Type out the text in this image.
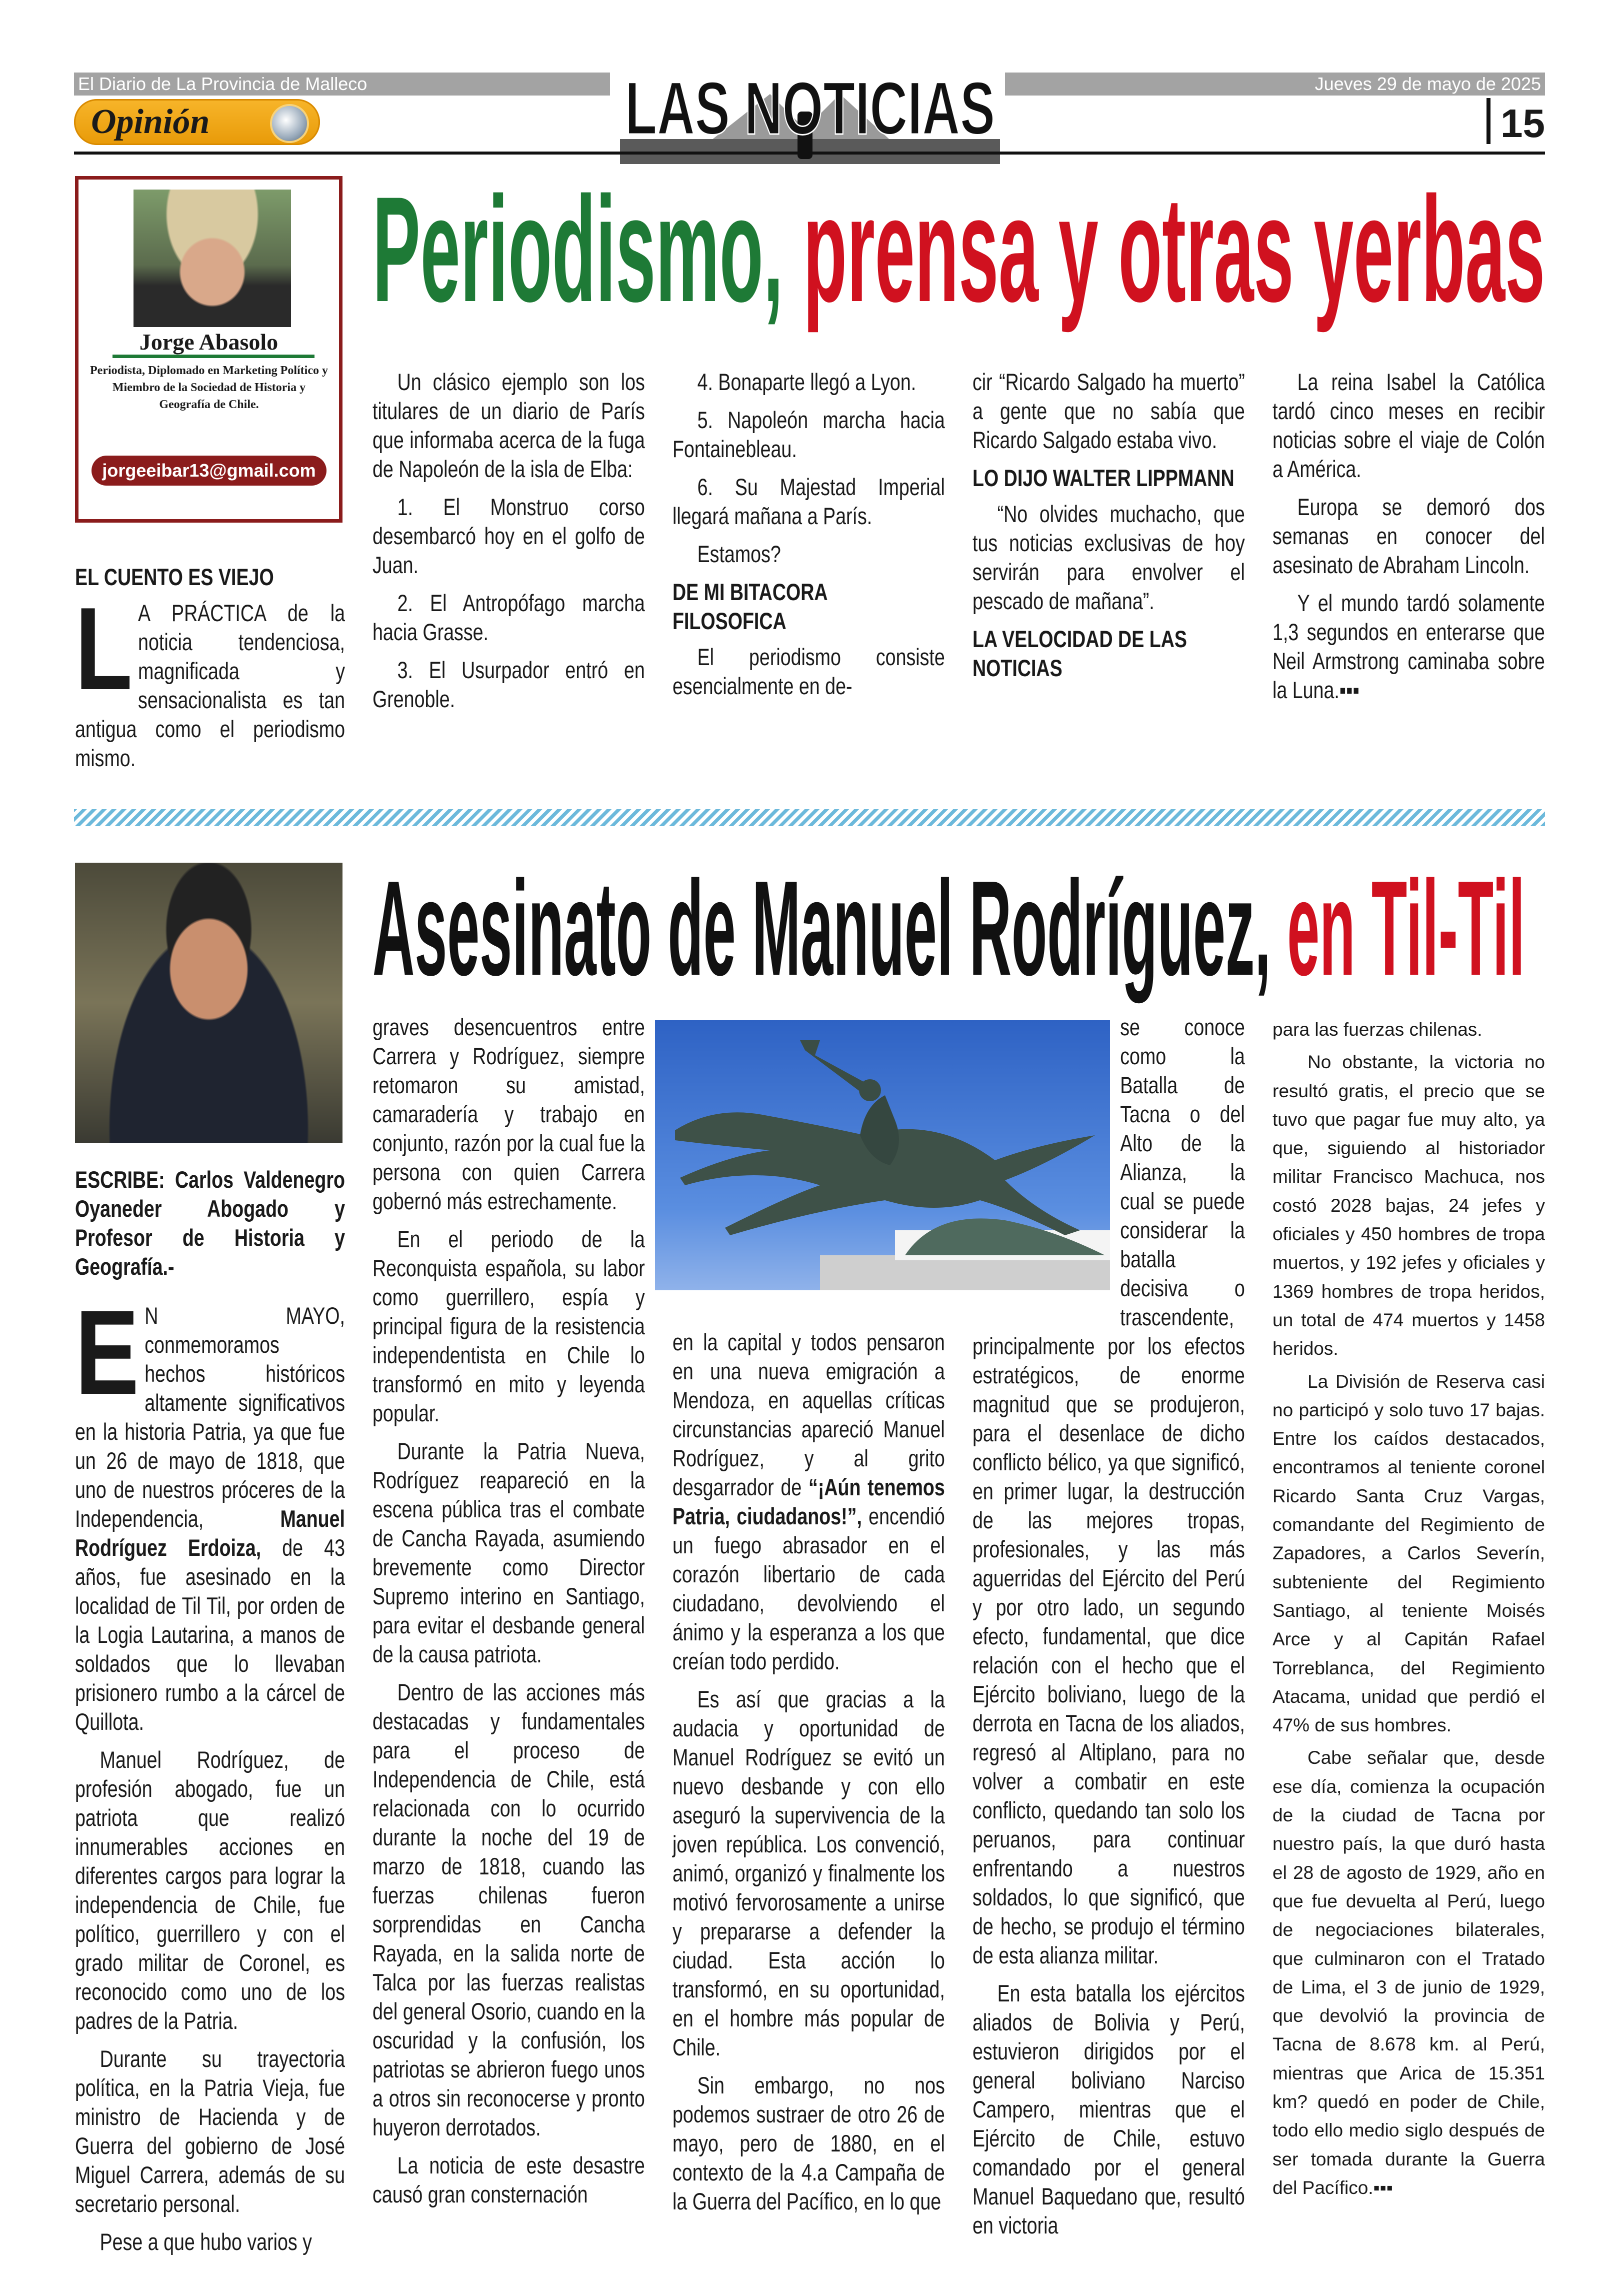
El Diario de La Provincia de Malleco	Jueves 29 de mayo de 2025
Opinión	LAS NOTICIAS	15
Jorge Abasolo
Periodista, Diplomado en Marketing Político y Miembro de la Sociedad de Historia y Geografía de Chile.
jorgeeibar13@gmail.com
Periodismo, prensa y otras yerbas
EL CUENTO ES VIEJO
L A PRÁCTICA de la noticia tendenciosa, magnificada y sensacionalista es tan antigua como el periodismo mismo.

Un clásico ejemplo son los titulares de un diario de París que informaba acerca de la fuga de Napoleón de la isla de Elba:

1. El Monstruo corso desembarcó hoy en el golfo de Juan.

2. El Antropófago marcha hacia Grasse.

3. El Usurpador entró en Grenoble.

4. Bonaparte llegó a Lyon.

5. Napoleón marcha hacia Fontainebleau.

6. Su Majestad Imperial llegará mañana a París.

Estamos?

DE MI BITACORA FILOSOFICA

El periodismo consiste esencialmente en de-

cir “Ricardo Salgado ha muerto” a gente que no sabía que Ricardo Salgado estaba vivo.

LO DIJO WALTER LIPPMANN

“No olvides muchacho, que tus noticias exclusivas de hoy servirán para envolver el pescado de mañana”.

LA VELOCIDAD DE LAS NOTICIAS

La reina Isabel la Católica tardó cinco meses en recibir noticias sobre el viaje de Colón a América.

Europa se demoró dos semanas en conocer del asesinato de Abraham Lincoln.

Y el mundo tardó solamente 1,3 segundos en enterarse que Neil Armstrong caminaba sobre la Luna.▪▪▪

Asesinato de Manuel Rodríguez, en Til-Til

ESCRIBE: Carlos Valdenegro Oyaneder Abogado y Profesor de Historia y Geografía.-

E N MAYO, conmemoramos hechos históricos altamente significativos en la historia Patria, ya que fue un 26 de mayo de 1818, que uno de nuestros próceres de la Independencia, Manuel Rodríguez Erdoiza, de 43 años, fue asesinado en la localidad de Til Til, por orden de la Logia Lautarina, a manos de soldados que lo llevaban prisionero rumbo a la cárcel de Quillota.

Manuel Rodríguez, de profesión abogado, fue un patriota que realizó innumerables acciones en diferentes cargos para lograr la independencia de Chile, fue político, guerrillero y con el grado militar de Coronel, es reconocido como uno de los padres de la Patria.

Durante su trayectoria política, en la Patria Vieja, fue ministro de Hacienda y de Guerra del gobierno de José Miguel Carrera, además de su secretario personal.

Pese a que hubo varios y

graves desencuentros entre Carrera y Rodríguez, siempre retomaron su amistad, camaradería y trabajo en conjunto, razón por la cual fue la persona con quien Carrera gobernó más estrechamente.

En el periodo de la Reconquista española, su labor como guerrillero, espía y principal figura de la resistencia independentista en Chile lo transformó en mito y leyenda popular.

Durante la Patria Nueva, Rodríguez reapareció en la escena pública tras el combate de Cancha Rayada, asumiendo brevemente como Director Supremo interino en Santiago, para evitar el desbande general de la causa patriota.

Dentro de las acciones más destacadas y fundamentales para el proceso de Independencia de Chile, está relacionada con lo ocurrido durante la noche del 19 de marzo de 1818, cuando las fuerzas chilenas fueron sorprendidas en Cancha Rayada, en la salida norte de Talca por las fuerzas realistas del general Osorio, cuando en la oscuridad y la confusión, los patriotas se abrieron fuego unos a otros sin reconocerse y pronto huyeron derrotados.

La noticia de este desastre causó gran consternación

en la capital y todos pensaron en una nueva emigración a Mendoza, en aquellas críticas circunstancias apareció Manuel Rodríguez, y al grito desgarrador de “¡Aún tenemos Patria, ciudadanos!”, encendió un fuego abrasador en el corazón libertario de cada ciudadano, devolviendo el ánimo y la esperanza a los que creían todo perdido.

Es así que gracias a la audacia y oportunidad de Manuel Rodríguez se evitó un nuevo desbande y con ello aseguró la supervivencia de la joven república. Los convenció, animó, organizó y finalmente los motivó fervorosamente a unirse y prepararse a defender la ciudad. Esta acción lo transformó, en su oportunidad, en el hombre más popular de Chile.

Sin embargo, no nos podemos sustraer de otro 26 de mayo, pero de 1880, en el contexto de la 4.a Campaña de la Guerra del Pacífico, en lo que

se conoce como la Batalla de Tacna o del Alto de la Alianza, la cual se puede considerar la batalla decisiva o trascendente, principalmente por los efectos estratégicos, de enorme magnitud que se produjeron, para el desenlace de dicho conflicto bélico, ya que significó, en primer lugar, la destrucción de las mejores tropas, profesionales, y las más aguerridas del Ejército del Perú y por otro lado, un segundo efecto, fundamental, que dice relación con el hecho que el Ejército boliviano, luego de la derrota en Tacna de los aliados, regresó al Altiplano, para no volver a combatir en este conflicto, quedando tan solo los peruanos, para continuar enfrentando a nuestros soldados, lo que significó, que de hecho, se produjo el término de esta alianza militar.

En esta batalla los ejércitos aliados de Bolivia y Perú, estuvieron dirigidos por el general boliviano Narciso Campero, mientras que el Ejército de Chile, estuvo comandado por el general Manuel Baquedano que, resultó en victoria

para las fuerzas chilenas.

No obstante, la victoria no resultó gratis, el precio que se tuvo que pagar fue muy alto, ya que, siguiendo al historiador militar Francisco Machuca, nos costó 2028 bajas, 24 jefes y oficiales y 450 hombres de tropa muertos, y 192 jefes y oficiales y 1369 hombres de tropa heridos, un total de 474 muertos y 1458 heridos.

La División de Reserva casi no participó y solo tuvo 17 bajas. Entre los caídos destacados, encontramos al teniente coronel Ricardo Santa Cruz Vargas, comandante del Regimiento de Zapadores, a Carlos Severín, subteniente del Regimiento Santiago, al teniente Moisés Arce y al Capitán Rafael Torreblanca, del Regimiento Atacama, unidad que perdió el 47% de sus hombres.

Cabe señalar que, desde ese día, comienza la ocupación de la ciudad de Tacna por nuestro país, la que duró hasta el 28 de agosto de 1929, año en que fue devuelta al Perú, luego de negociaciones bilaterales, que culminaron con el Tratado de Lima, el 3 de junio de 1929, que devolvió la provincia de Tacna de 8.678 km. al Perú, mientras que Arica de 15.351 km? quedó en poder de Chile, todo ello medio siglo después de ser tomada durante la Guerra del Pacífico.▪▪▪
